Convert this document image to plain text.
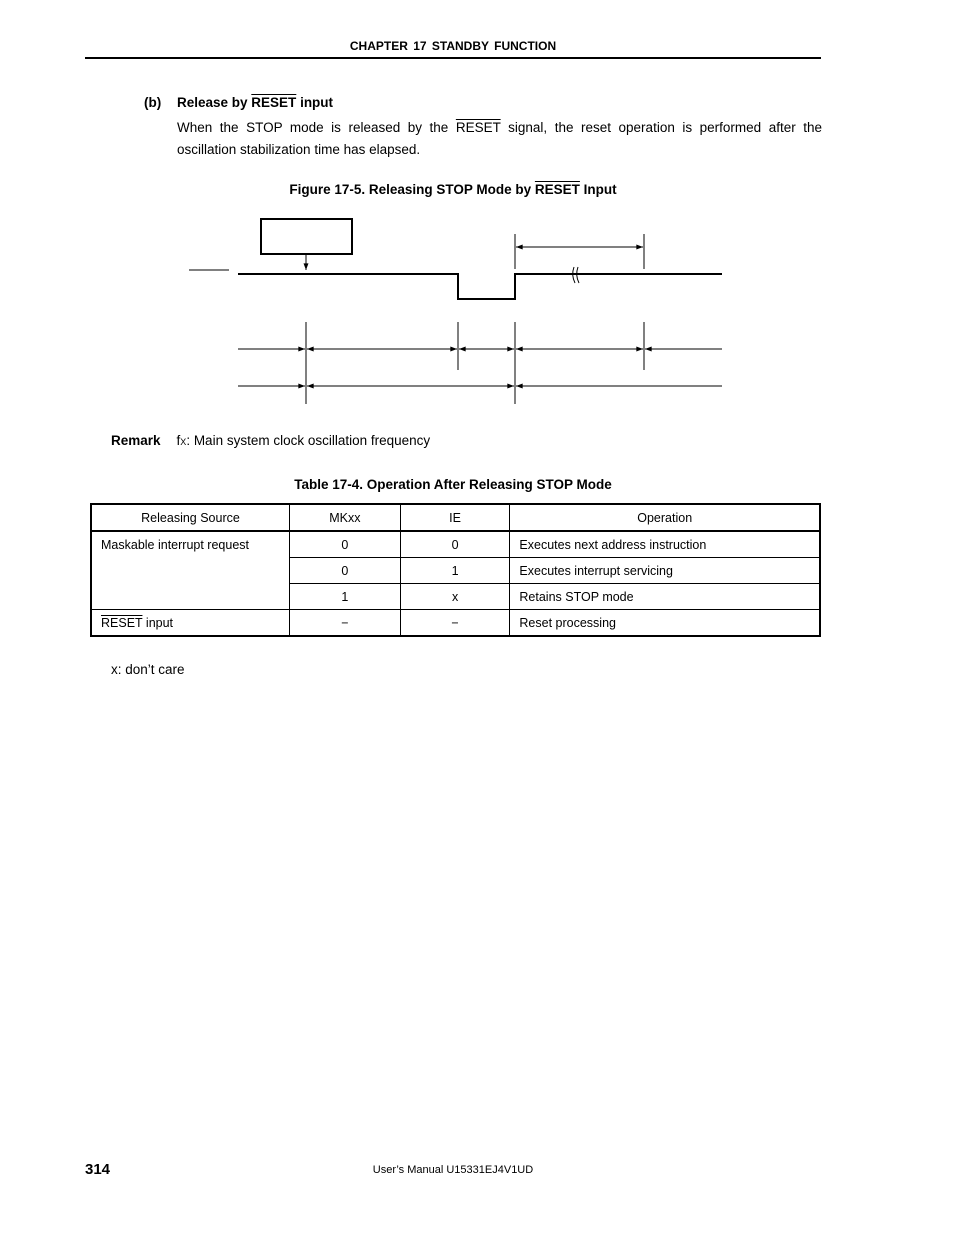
CHAPTER 17 STANDBY FUNCTION
(b) Release by RESET input
When the STOP mode is released by the RESET signal, the reset operation is performed after the oscillation stabilization time has elapsed.
Figure 17-5. Releasing STOP Mode by RESET Input
Remark fX: Main system clock oscillation frequency
Table 17-4. Operation After Releasing STOP Mode
Releasing Source	MKxx	IE	Operation
Maskable interrupt request	0	0	Executes next address instruction
	0	1	Executes interrupt servicing
	1	x	Retains STOP mode
RESET input	−	−	Reset processing
x: don’t care
314	User’s Manual U15331EJ4V1UD
